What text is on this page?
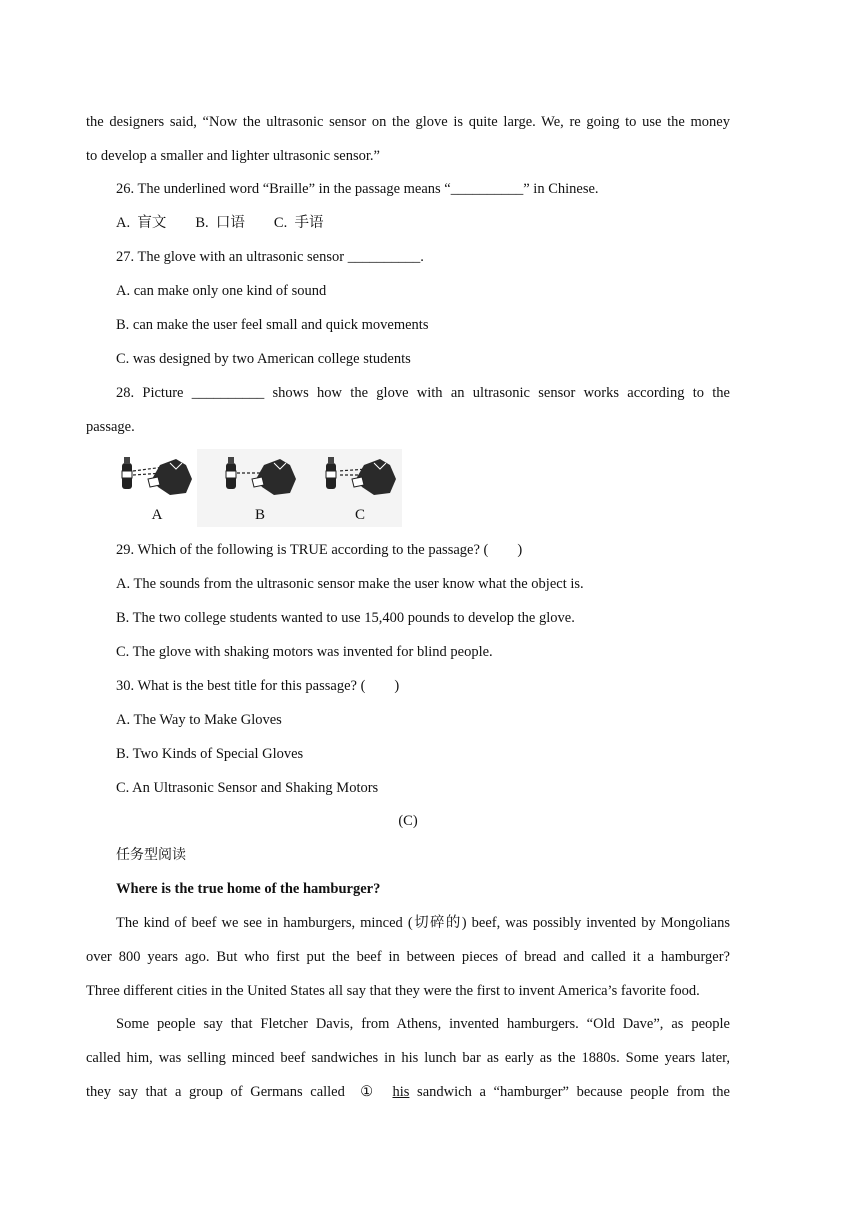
the designers said, “Now the ultrasonic sensor on the glove is quite large. We, re going to use the money
to develop a smaller and lighter ultrasonic sensor.”
26. The underlined word “Braille” in the passage means “__________” in Chinese.
A.  盲文        B.  口语        C.  手语
27. The glove with an ultrasonic sensor __________.
A. can make only one kind of sound
B. can make the user feel small and quick movements
C. was designed by two American college students
28. Picture __________ shows how the glove with an ultrasonic sensor works according to the
passage.
A	B	C
29. Which of the following is TRUE according to the passage? (        )
A. The sounds from the ultrasonic sensor make the user know what the object is.
B. The two college students wanted to use 15,400 pounds to develop the glove.
C. The glove with shaking motors was invented for blind people.
30. What is the best title for this passage? (        )
A. The Way to Make Gloves
B. Two Kinds of Special Gloves
C. An Ultrasonic Sensor and Shaking Motors
(C)
任务型阅读
Where is the true home of the hamburger?
The kind of beef we see in hamburgers, minced (切碎的) beef, was possibly invented by Mongolians
over 800 years ago. But who first put the beef in between pieces of bread and called it a hamburger?
Three different cities in the United States all say that they were the first to invent America’s favorite food.
Some people say that Fletcher Davis, from Athens, invented hamburgers. “Old Dave”, as people
called him, was selling minced beef sandwiches in his lunch bar as early as the 1880s. Some years later,
they say that a group of Germans called  ①  his sandwich a “hamburger” because people from the
